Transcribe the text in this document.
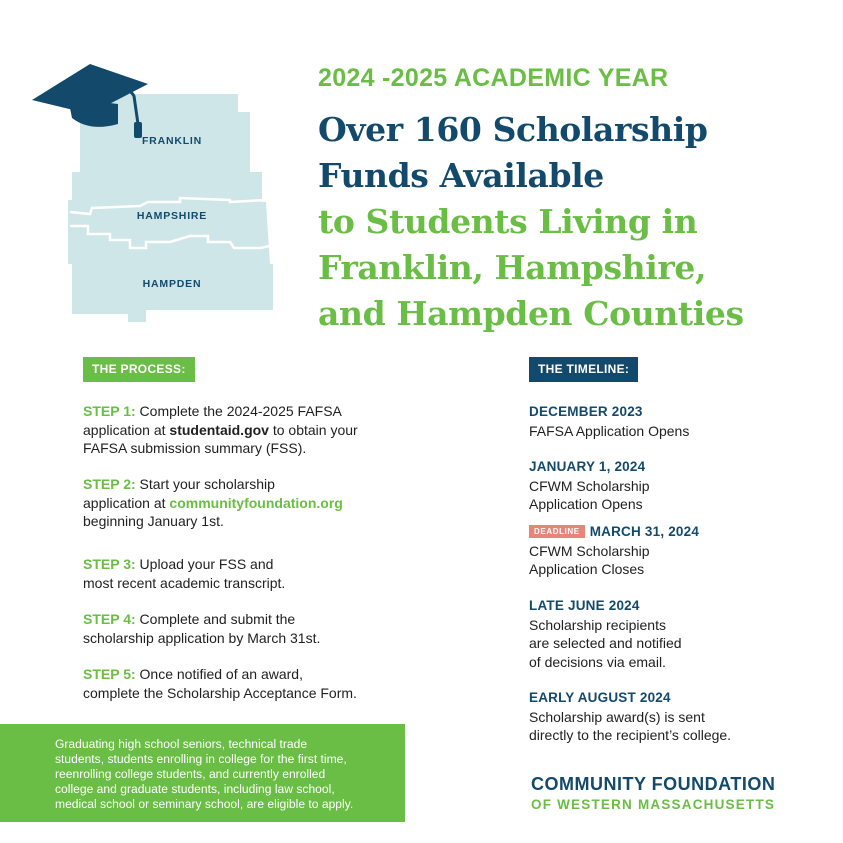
FRANKLIN
HAMPSHIRE
HAMPDEN
2024 -2025 ACADEMIC YEAR
Over 160 Scholarship
Funds Available
to Students Living in
Franklin, Hampshire,
and Hampden Counties
THE PROCESS:
STEP 1: Complete the 2024-2025 FAFSA
application at studentaid.gov to obtain your
FAFSA submission summary (FSS).
STEP 2: Start your scholarship
application at communityfoundation.org
beginning January 1st.
STEP 3: Upload your FSS and
most recent academic transcript.
STEP 4: Complete and submit the
scholarship application by March 31st.
STEP 5: Once notified of an award,
complete the Scholarship Acceptance Form.
THE TIMELINE:
DECEMBER 2023
FAFSA Application Opens
JANUARY 1, 2024
CFWM Scholarship
Application Opens
DEADLINE MARCH 31, 2024
CFWM Scholarship
Application Closes
LATE JUNE 2024
Scholarship recipients
are selected and notified
of decisions via email.
EARLY AUGUST 2024
Scholarship award(s) is sent
directly to the recipient’s college.
Graduating high school seniors, technical trade
students, students enrolling in college for the first time,
reenrolling college students, and currently enrolled
college and graduate students, including law school,
medical school or seminary school, are eligible to apply.
COMMUNITY FOUNDATION
OF WESTERN MASSACHUSETTS
